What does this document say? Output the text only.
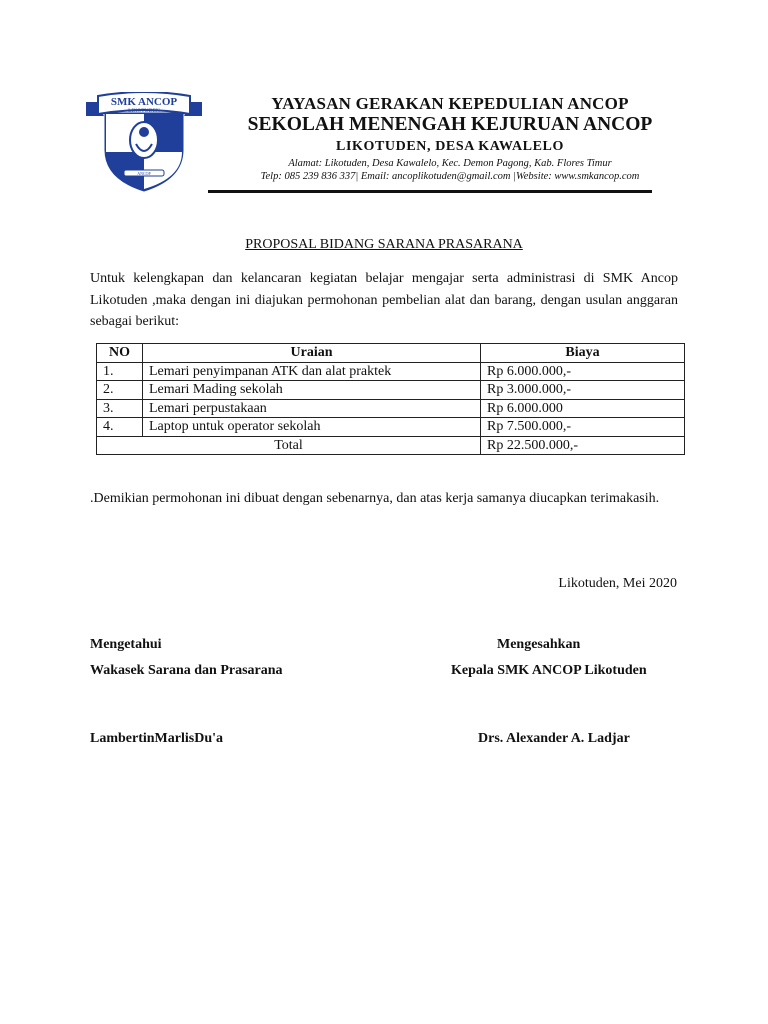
SMK ANCOP
LIKOTUDEN
ANCOP
YAYASAN GERAKAN KEPEDULIAN ANCOP
SEKOLAH MENENGAH KEJURUAN ANCOP
LIKOTUDEN, DESA KAWALELO
Alamat: Likotuden, Desa Kawalelo, Kec. Demon Pagong, Kab. Flores Timur
Telp: 085 239 836 337| Email: ancoplikotuden@gmail.com |Website: www.smkancop.com
PROPOSAL BIDANG SARANA PRASARANA
Untuk kelengkapan dan kelancaran kegiatan belajar mengajar serta administrasi di SMK Ancop Likotuden ,maka dengan ini diajukan permohonan pembelian alat dan barang, dengan usulan anggaran sebagai berikut:
NO	Uraian	Biaya
1.	Lemari penyimpanan ATK dan alat praktek	Rp 6.000.000,-
2.	Lemari Mading sekolah	Rp 3.000.000,-
3.	Lemari perpustakaan	Rp 6.000.000
4.	Laptop untuk operator sekolah	Rp 7.500.000,-
Total		Rp 22.500.000,-
.Demikian permohonan ini dibuat dengan sebenarnya, dan atas kerja samanya diucapkan terimakasih.
Likotuden, Mei 2020
Mengetahui
Wakasek Sarana dan Prasarana
LambertinMarlisDu'a
Mengesahkan
Kepala SMK ANCOP Likotuden
Drs. Alexander A. Ladjar
